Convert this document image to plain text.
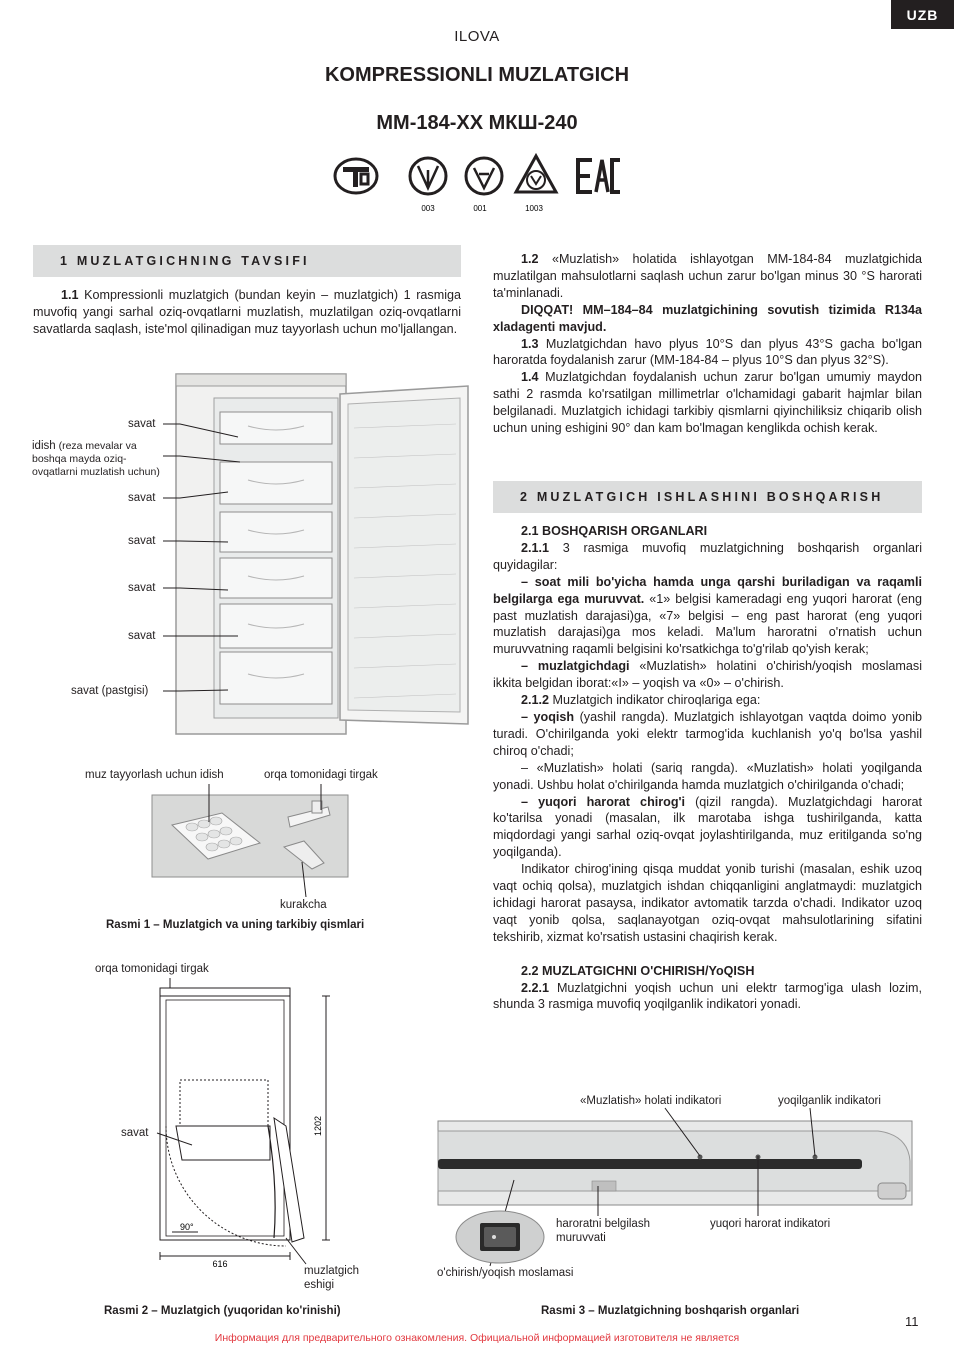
UZB
ILOVA
KOMPRESSIONLI MUZLATGICH
MM-184-XX МКШ-240
003	001	1003
1 MUZLATGICHNING TAVSIFI

1.1 Kompressionli muzlatgich (bundan keyin – muzlatgich) 1 rasmiga muvofiq yangi sarhal oziq-ovqatlarni muzlatish, muzlatilgan oziq-ovqatlarni savatlarda saqlash, iste'mol qilinadigan muz tayyorlash uchun mo'ljallangan.

savat
idish (reza mevalar va boshqa mayda oziq-ovqatlarni muzlatish uchun)
savat
savat
savat
savat
savat (pastgisi)
muz tayyorlash uchun idish	orqa tomonidagi tirgak
kurakcha
Rasmi 1 – Muzlatgich va uning tarkibiy qismlari
orqa tomonidagi tirgak
1202
616
90°
savat
muzlatgich eshigi
Rasmi 2 – Muzlatgich (yuqoridan ko'rinishi)

1.2 «Muzlatish» holatida ishlayotgan MM-184-84 muzlatgichida muzlatilgan mahsulotlarni saqlash uchun zarur bo'lgan minus 30 °S harorati ta'minlanadi.

DIQQAT! MM–184–84 muzlatgichining sovutish tizimida R134a xladagenti mavjud.

1.3 Muzlatgichdan havo plyus 10°S dan plyus 43°S gacha bo'lgan haroratda foydalanish zarur (MM-184-84 – plyus 10°S dan plyus 32°S).

1.4 Muzlatgichdan foydalanish uchun zarur bo'lgan umumiy maydon sathi 2 rasmda ko'rsatilgan millimetrlar o'lchamidagi gabarit hajmlar bilan belgilanadi. Muzlatgich ichidagi tarkibiy qismlarni qiyinchiliksiz chiqarib olish uchun uning eshigini 90° dan kam bo'lmagan kenglikda ochish kerak.

2 MUZLATGICH ISHLASHINI BOSHQARISH

2.1 BOSHQARISH ORGANLARI

2.1.1 3 rasmiga muvofiq muzlatgichning boshqarish organlari quyidagilar:

– soat mili bo'yicha hamda unga qarshi buriladigan va raqamli belgilarga ega muruvvat. «1» belgisi kameradagi eng yuqori harorat (eng past muzlatish darajasi)ga, «7» belgisi – eng past harorat (eng yuqori muzlatish darajasi)ga mos keladi. Ma'lum haroratni o'rnatish uchun muruvvatning raqamli belgisini ko'rsatkichga to'g'rilab qo'yish kerak;

– muzlatgichdagi «Muzlatish» holatini o'chirish/yoqish moslamasi ikkita belgidan iborat:«I» – yoqish va «0» – o'chirish.

2.1.2 Muzlatgich indikator chiroqlariga ega:

– yoqish (yashil rangda). Muzlatgich ishlayotgan vaqtda doimo yonib turadi. O'chirilganda yoki elektr tarmog'ida kuchlanish yo'q bo'lsa yashil chiroq o'chadi;

– «Muzlatish» holati (sariq rangda). «Muzlatish» holati yoqilganda yonadi. Ushbu holat o'chirilganda hamda muzlatgich o'chirilganda o'chadi;

– yuqori harorat chirog'i (qizil rangda). Muzlatgichdagi harorat ko'tarilsa yonadi (masalan, ilk marotaba ishga tushirilganda, katta miqdordagi yangi sarhal oziq-ovqat joylashtirilganda, muz eritilganda so'ng yoqilganda).

Indikator chirog'ining qisqa muddat yonib turishi (masalan, eshik uzoq vaqt ochiq qolsa), muzlatgich ishdan chiqqanligini anglatmaydi: muzlatgich ichidagi harorat pasaysa, indikator avtomatik tarzda o'chadi. Indikator uzoq vaqt yonib qolsa, saqlanayotgan oziq-ovqat mahsulotlarining sifatini tekshirib, xizmat ko'rsatish ustasini chaqirish kerak.

2.2 MUZLATGICHNI O'CHIRISH/YoQISH

2.2.1 Muzlatgichni yoqish uchun uni elektr tarmog'iga ulash lozim, shunda 3 rasmiga muvofiq yoqilganlik indikatori yonadi.

«Muzlatish» holati indikatori	yoqilganlik indikatori
haroratni belgilash muruvvati
yuqori harorat indikatori
o'chirish/yoqish moslamasi
Rasmi 3 – Muzlatgichning boshqarish organlari
11
Информация для предварительного ознакомления. Официальной информацией изготовителя не является
